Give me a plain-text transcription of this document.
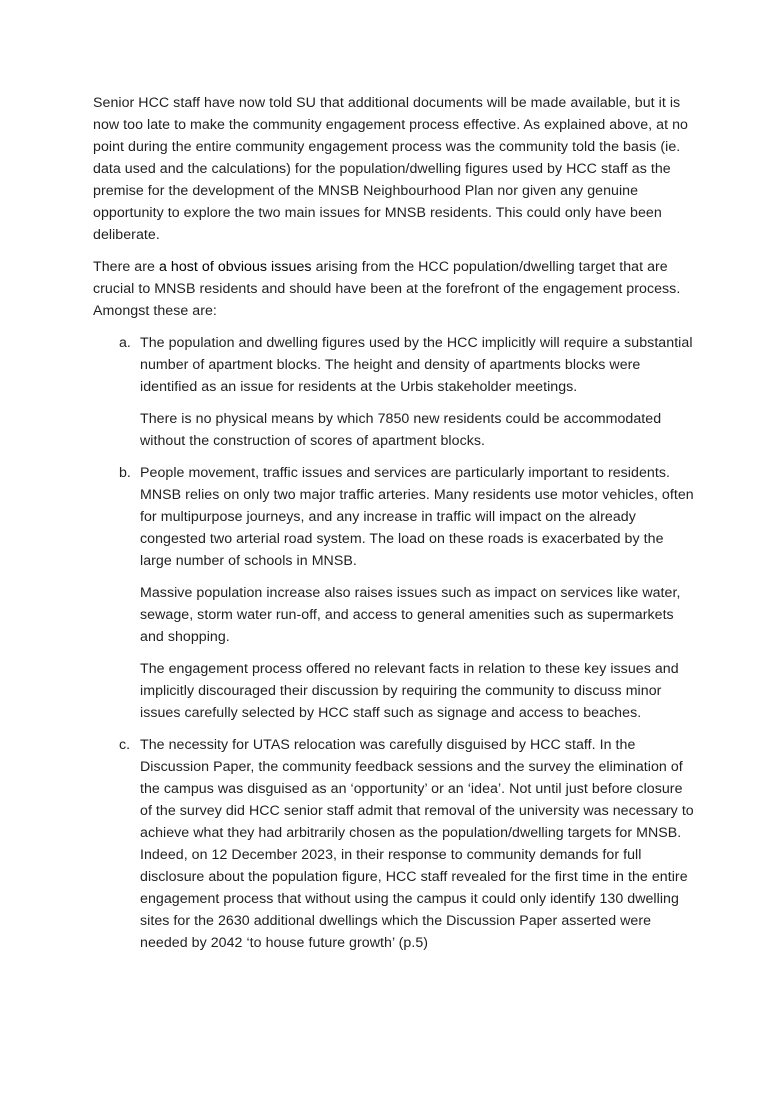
Senior HCC staff have now told SU that additional documents will be made available, but it is now too late to make the community engagement process effective. As explained above, at no point during the entire community engagement process was the community told the basis (ie. data used and the calculations) for the population/dwelling figures used by HCC staff as the premise for the development of the MNSB Neighbourhood Plan nor given any genuine opportunity to explore the two main issues for MNSB residents. This could only have been deliberate.

There are a host of obvious issues arising from the HCC population/dwelling target that are crucial to MNSB residents and should have been at the forefront of the engagement process. Amongst these are:

a. The population and dwelling figures used by the HCC implicitly will require a substantial number of apartment blocks. The height and density of apartments blocks were identified as an issue for residents at the Urbis stakeholder meetings.

There is no physical means by which 7850 new residents could be accommodated without the construction of scores of apartment blocks.

b. People movement, traffic issues and services are particularly important to residents. MNSB relies on only two major traffic arteries. Many residents use motor vehicles, often for multipurpose journeys, and any increase in traffic will impact on the already congested two arterial road system. The load on these roads is exacerbated by the large number of schools in MNSB.

Massive population increase also raises issues such as impact on services like water, sewage, storm water run-off, and access to general amenities such as supermarkets and shopping.

The engagement process offered no relevant facts in relation to these key issues and implicitly discouraged their discussion by requiring the community to discuss minor issues carefully selected by HCC staff such as signage and access to beaches.

c. The necessity for UTAS relocation was carefully disguised by HCC staff. In the Discussion Paper, the community feedback sessions and the survey the elimination of the campus was disguised as an ‘opportunity’ or an ‘idea’. Not until just before closure of the survey did HCC senior staff admit that removal of the university was necessary to achieve what they had arbitrarily chosen as the population/dwelling targets for MNSB. Indeed, on 12 December 2023, in their response to community demands for full disclosure about the population figure, HCC staff revealed for the first time in the entire engagement process that without using the campus it could only identify 130 dwelling sites for the 2630 additional dwellings which the Discussion Paper asserted were needed by 2042 ‘to house future growth’ (p.5)
